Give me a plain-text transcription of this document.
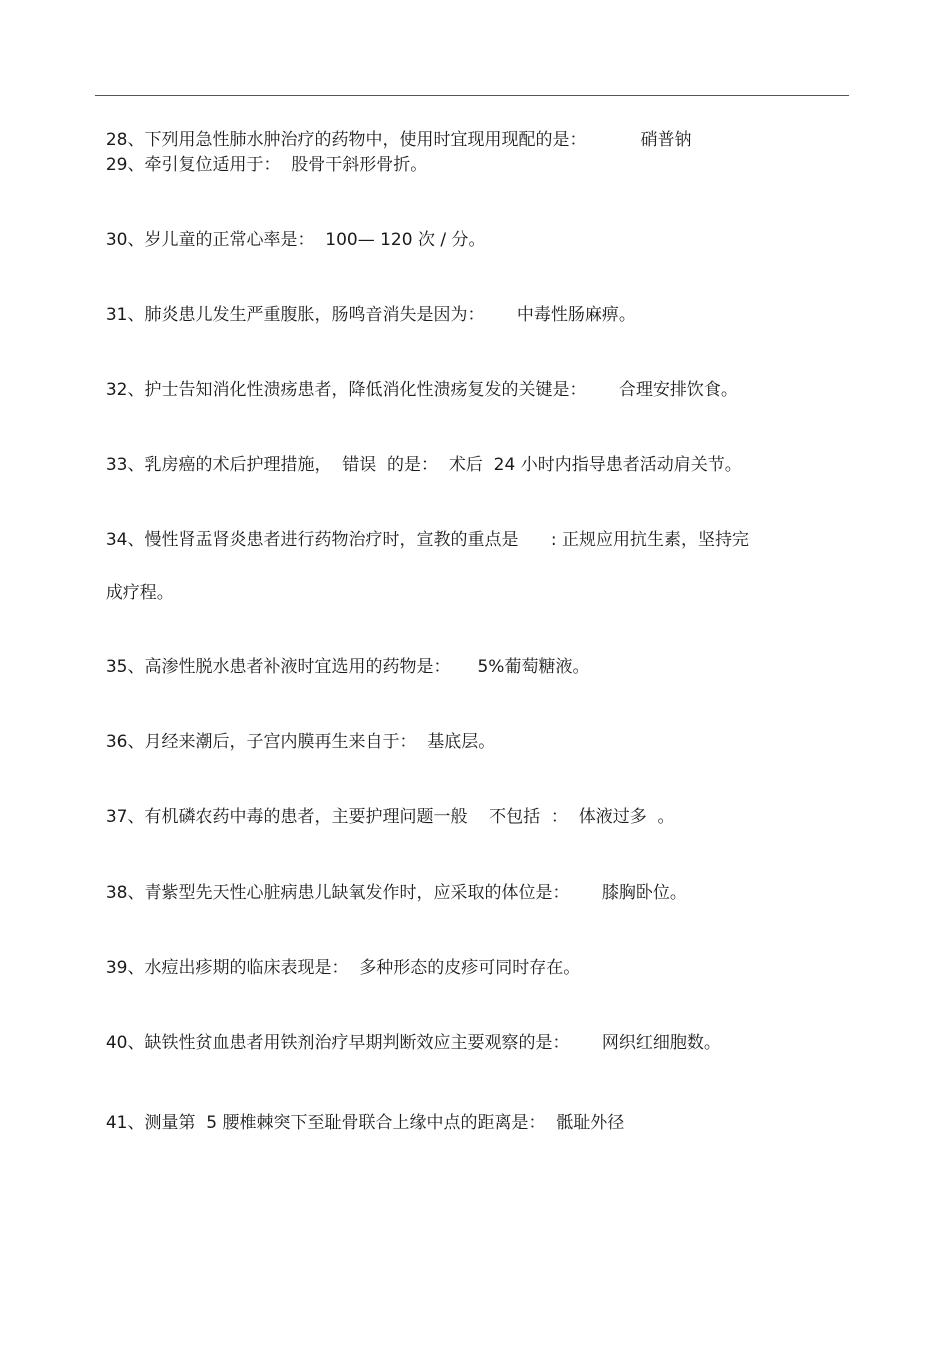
28、下列用急性肺水肿治疗的药物中，使用时宜现用现配的是：	硝普钠

29、牵引复位适用于： 股骨干斜形骨折。

30、岁儿童的正常心率是： 100— 120 次 / 分。

31、肺炎患儿发生严重腹胀，肠鸣音消失是因为： 中毒性肠麻痹。

32、护士告知消化性溃疡患者，降低消化性溃疡复发的关键是： 合理安排饮食。

33、乳房癌的术后护理措施，  错误  的是： 术后  24 小时内指导患者活动肩关节。

34、慢性肾盂肾炎患者进行药物治疗时，宣教的重点是 : 正规应用抗生素，坚持完

成疗程。

35、高渗性脱水患者补液时宜选用的药物是： 5%葡萄糖液。

36、月经来潮后，子宫内膜再生来自于： 基底层。

37、有机磷农药中毒的患者，主要护理问题一般 不包括  ：  体液过多  。

38、青紫型先天性心脏病患儿缺氧发作时，应采取的体位是： 膝胸卧位。

39、水痘出疹期的临床表现是： 多种形态的皮疹可同时存在。

40、缺铁性贫血患者用铁剂治疗早期判断效应主要观察的是： 网织红细胞数。

41、测量第  5 腰椎棘突下至耻骨联合上缘中点的距离是： 骶耻外径
